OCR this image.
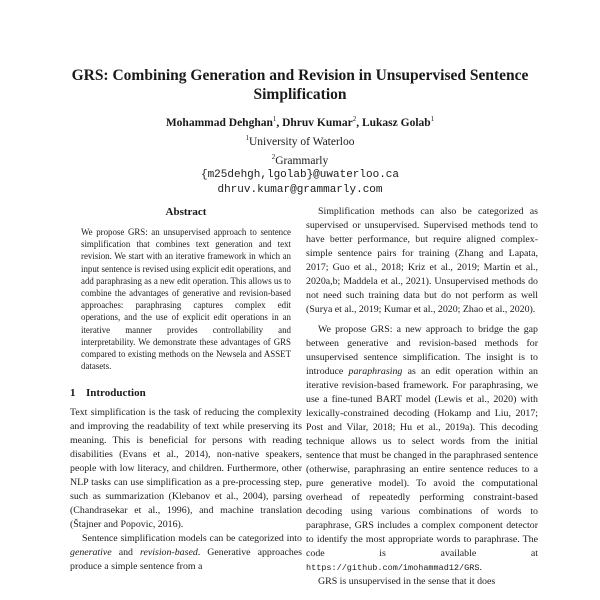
GRS: Combining Generation and Revision in Unsupervised Sentence Simplification
Mohammad Dehghan$^1$, Dhruv Kumar$^2$, Lukasz Golab$^1$
$^1$University of Waterloo
$^2$Grammarly
{m25dehgh,lgolab}@uwaterloo.ca
dhruv.kumar@grammarly.com
Abstract

We propose GRS: an unsupervised approach to sentence simplification that combines text generation and text revision. We start with an iterative framework in which an input sentence is revised using explicit edit operations, and add paraphrasing as a new edit operation. This allows us to combine the advantages of generative and revision-based approaches: paraphrasing captures complex edit operations, and the use of explicit edit operations in an iterative manner provides controllability and interpretability. We demonstrate these advantages of GRS compared to existing methods on the Newsela and ASSET datasets.

1 Introduction

Text simplification is the task of reducing the complexity and improving the readability of text while preserving its meaning. This is beneficial for persons with reading disabilities (Evans et al., 2014), non-native speakers, people with low literacy, and children. Furthermore, other NLP tasks can use simplification as a pre-processing step, such as summarization (Klebanov et al., 2004), parsing (Chandrasekar et al., 1996), and machine translation (Štajner and Popovic, 2016).

Sentence simplification models can be categorized into generative and revision-based. Generative approaches produce a simple sentence from a

Simplification methods can also be categorized as supervised or unsupervised. Supervised methods tend to have better performance, but require aligned complex-simple sentence pairs for training (Zhang and Lapata, 2017; Guo et al., 2018; Kriz et al., 2019; Martin et al., 2020a,b; Maddela et al., 2021). Unsupervised methods do not need such training data but do not perform as well (Surya et al., 2019; Kumar et al., 2020; Zhao et al., 2020).

We propose GRS: a new approach to bridge the gap between generative and revision-based methods for unsupervised sentence simplification. The insight is to introduce paraphrasing as an edit operation within an iterative revision-based framework. For paraphrasing, we use a fine-tuned BART model (Lewis et al., 2020) with lexically-constrained decoding (Hokamp and Liu, 2017; Post and Vilar, 2018; Hu et al., 2019a). This decoding technique allows us to select words from the initial sentence that must be changed in the paraphrased sentence (otherwise, paraphrasing an entire sentence reduces to a pure generative model). To avoid the computational overhead of repeatedly performing constraint-based decoding using various combinations of words to paraphrase, GRS includes a complex component detector to identify the most appropriate words to paraphrase. The code is available at https://github.com/imohammad12/GRS.

GRS is unsupervised in the sense that it does
